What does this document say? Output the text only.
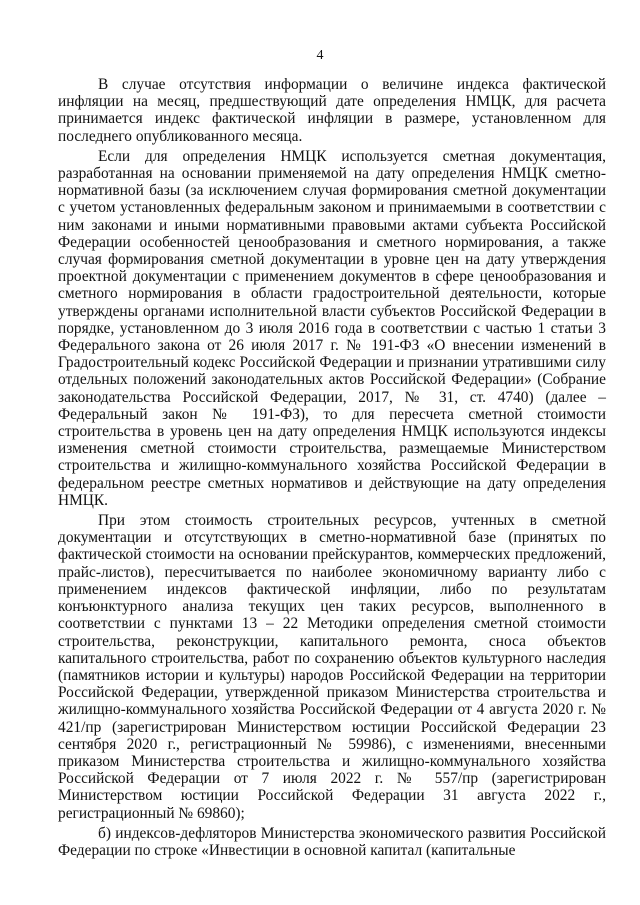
4

В случае отсутствия информации о величине индекса фактической инфляции на месяц, предшествующий дате определения НМЦК, для расчета принимается индекс фактической инфляции в размере, установленном для последнего опубликованного месяца.

Если для определения НМЦК используется сметная документация, разработанная на основании применяемой на дату определения НМЦК сметно-нормативной базы (за исключением случая формирования сметной документации с учетом установленных федеральным законом и принимаемыми в соответствии с ним законами и иными нормативными правовыми актами субъекта Российской Федерации особенностей ценообразования и сметного нормирования, а также случая формирования сметной документации в уровне цен на дату утверждения проектной документации с применением документов в сфере ценообразования и сметного нормирования в области градостроительной деятельности, которые утверждены органами исполнительной власти субъектов Российской Федерации в порядке, установленном до 3 июля 2016 года в соответствии с частью 1 статьи 3 Федерального закона от 26 июля 2017 г. № 191-ФЗ «О внесении изменений в Градостроительный кодекс Российской Федерации и признании утратившими силу отдельных положений законодательных актов Российской Федерации» (Собрание законодательства Российской Федерации, 2017, № 31, ст. 4740) (далее – Федеральный закон № 191-ФЗ), то для пересчета сметной стоимости строительства в уровень цен на дату определения НМЦК используются индексы изменения сметной стоимости строительства, размещаемые Министерством строительства и жилищно-коммунального хозяйства Российской Федерации в федеральном реестре сметных нормативов и действующие на дату определения НМЦК.

При этом стоимость строительных ресурсов, учтенных в сметной документации и отсутствующих в сметно-нормативной базе (принятых по фактической стоимости на основании прейскурантов, коммерческих предложений, прайс-листов), пересчитывается по наиболее экономичному варианту либо с применением индексов фактической инфляции, либо по результатам конъюнктурного анализа текущих цен таких ресурсов, выполненного в соответствии с пунктами 13 – 22 Методики определения сметной стоимости строительства, реконструкции, капитального ремонта, сноса объектов капитального строительства, работ по сохранению объектов культурного наследия (памятников истории и культуры) народов Российской Федерации на территории Российской Федерации, утвержденной приказом Министерства строительства и жилищно-коммунального хозяйства Российской Федерации от 4 августа 2020 г. № 421/пр (зарегистрирован Министерством юстиции Российской Федерации 23 сентября 2020 г., регистрационный № 59986), с изменениями, внесенными приказом Министерства строительства и жилищно-коммунального хозяйства Российской Федерации от 7 июля 2022 г. № 557/пр (зарегистрирован Министерством юстиции Российской Федерации 31 августа 2022 г., регистрационный № 69860);

б) индексов-дефляторов Министерства экономического развития Российской Федерации по строке «Инвестиции в основной капитал (капитальные
